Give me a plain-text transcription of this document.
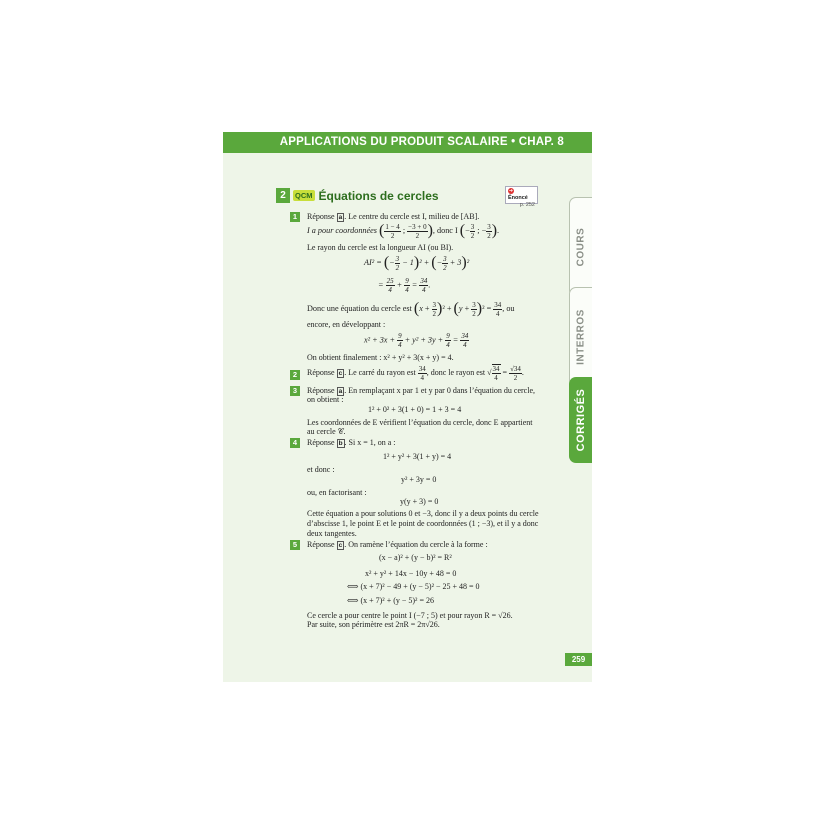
APPLICATIONS DU PRODUIT SCALAIRE • CHAP. 8
COURS
INTERROS
CORRIGÉS
2	QCM Équations de cercles	➜ Énoncé
p. 252
1	Réponse a . Le centre du cercle est I, milieu de [AB].
I a pour coordonnées ( $\frac{1 - 4}{2}$ ; $\frac{-3 + 0}{2}$ ), donc I (− $\frac{3}{2}$ ; − $\frac{3}{2}$ ).
Le rayon du cercle est la longueur AI (ou BI).
AI² = (− $\frac{3}{2} - 1)^2$ + (− $\frac{3}{2} + 3)^2$
= $\frac{25}{4} + \frac{9}{4} = \frac{34}{4}$ .
Donc une équation du cercle est $(x + \frac{3}{2} )^2 + (y + \frac{3}{2} )^2 = \frac{34}{4}$ , ou
encore, en développant :
$x^2 + 3x + \frac{9}{4} + y^2 + 3y + \frac{9}{4} = \frac{34}{4}$
On obtient finalement : x² + y² + 3(x + y) = 4.
2	Réponse c . Le carré du rayon est $\frac{34}{4}$ , donc le rayon est √ $\frac{34}{4} = \frac{√34}{2}$ .
3	Réponse a . En remplaçant x par 1 et y par 0 dans l’équation du cercle,
on obtient :
1² + 0² + 3(1 + 0) = 1 + 3 = 4
Les coordonnées de E vérifient l’équation du cercle, donc E appartient
au cercle 𝒞.
4	Réponse b . Si x = 1, on a :
1² + y² + 3(1 + y) = 4
et donc :
y² + 3y = 0
ou, en factorisant :
y(y + 3) = 0
Cette équation a pour solutions 0 et −3, donc il y a deux points du cercle
d’abscisse 1, le point E et le point de coordonnées (1 ; −3), et il y a donc
deux tangentes.
5	Réponse c . On ramène l’équation du cercle à la forme :
(x − a)² + (y − b)² = R²
x² + y² + 14x − 10y + 48 = 0
⟺ (x + 7)² − 49 + (y − 5)² − 25 + 48 = 0
⟺ (x + 7)² + (y − 5)² = 26
Ce cercle a pour centre le point I (−7 ; 5) et pour rayon R = √26.
Par suite, son périmètre est 2πR = 2π√26.
259
